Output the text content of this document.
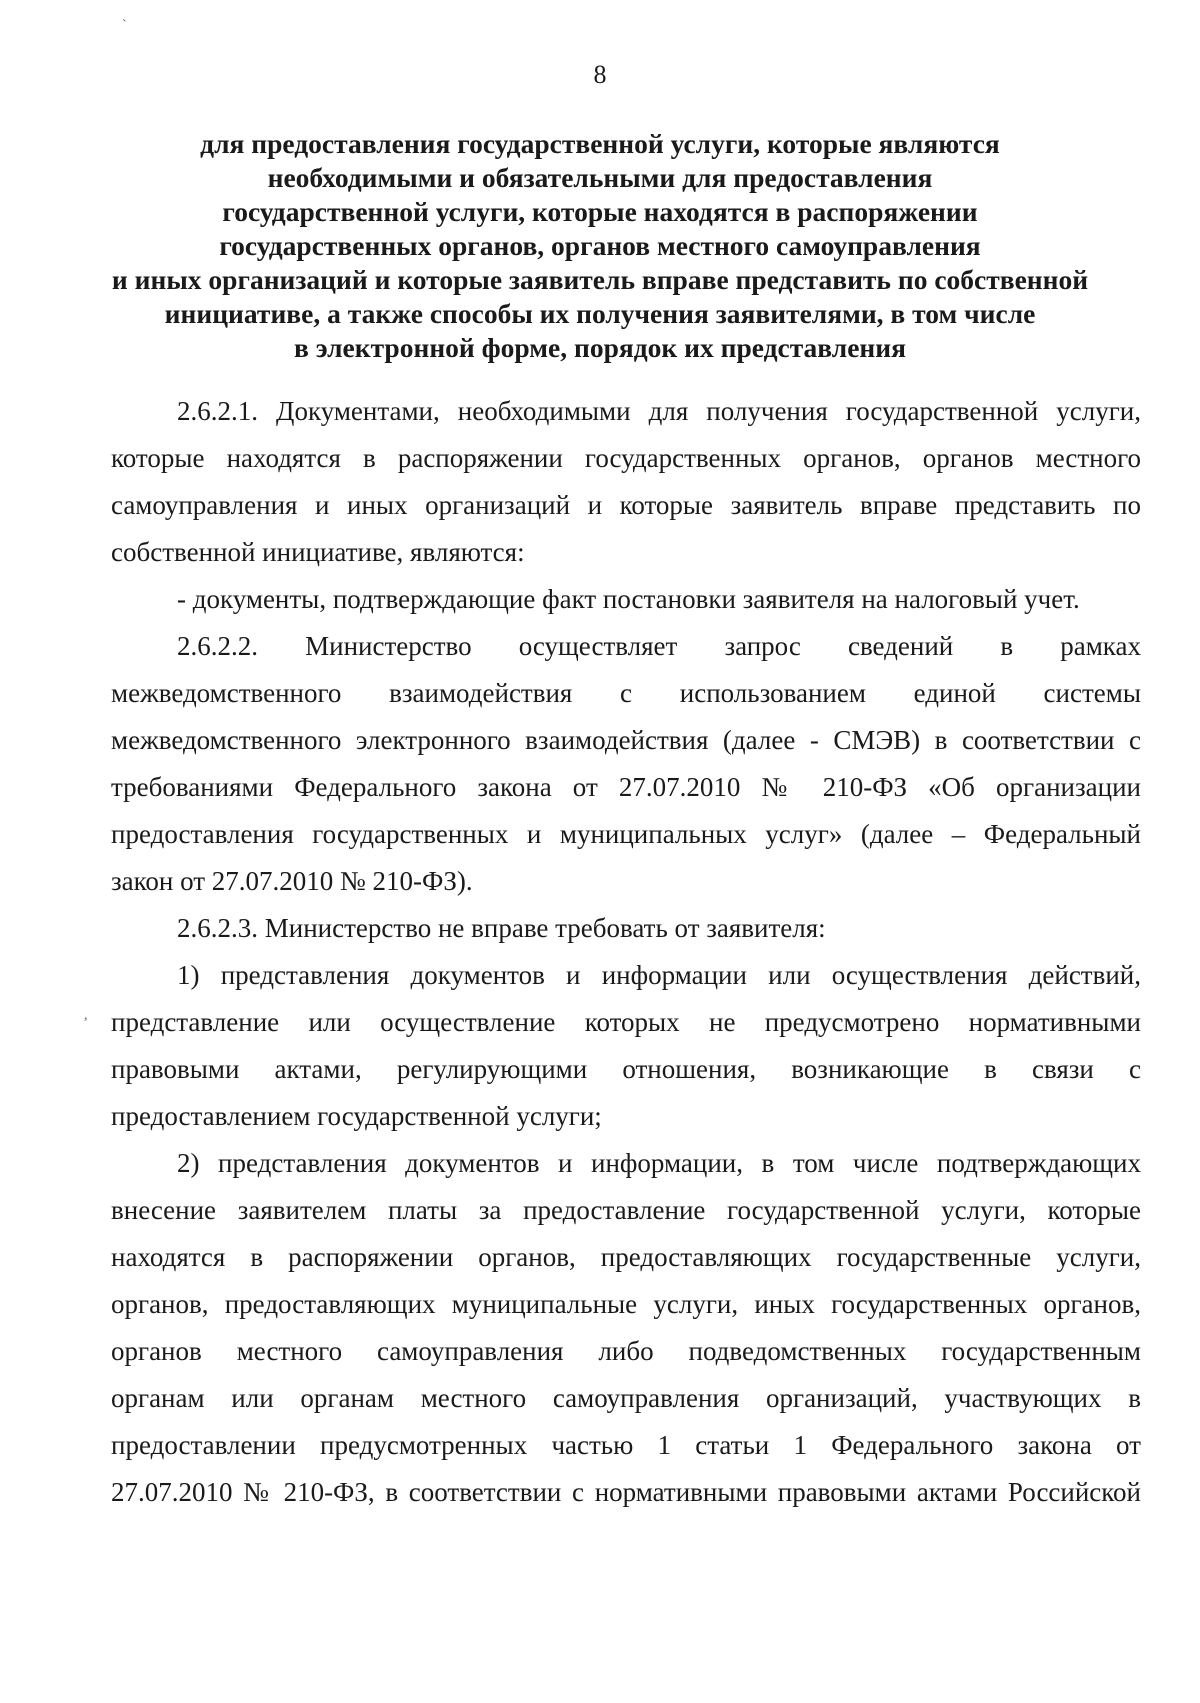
8
для предоставления государственной услуги, которые являются
необходимыми и обязательными для предоставления
государственной услуги, которые находятся в распоряжении
государственных органов, органов местного самоуправления
и иных организаций и которые заявитель вправе представить по собственной
инициативе, а также способы их получения заявителями, в том числе
в электронной форме, порядок их представления
2.6.2.1. Документами, необходимыми для получения государственной услуги,
которые находятся в распоряжении государственных органов, органов местного
самоуправления и иных организаций и которые заявитель вправе представить по
собственной инициативе, являются:
- документы, подтверждающие факт постановки заявителя на налоговый учет.
2.6.2.2. Министерство осуществляет запрос сведений в рамках
межведомственного взаимодействия с использованием единой системы
межведомственного электронного взаимодействия (далее - СМЭВ) в соответствии с
требованиями Федерального закона от 27.07.2010 № 210-ФЗ «Об организации
предоставления государственных и муниципальных услуг» (далее – Федеральный
закон от 27.07.2010 № 210-ФЗ).
2.6.2.3. Министерство не вправе требовать от заявителя:
1) представления документов и информации или осуществления действий,
представление или осуществление которых не предусмотрено нормативными
правовыми актами, регулирующими отношения, возникающие в связи с
предоставлением государственной услуги;
2) представления документов и информации, в том числе подтверждающих
внесение заявителем платы за предоставление государственной услуги, которые
находятся в распоряжении органов, предоставляющих государственные услуги,
органов, предоставляющих муниципальные услуги, иных государственных органов,
органов местного самоуправления либо подведомственных государственным
органам или органам местного самоуправления организаций, участвующих в
предоставлении предусмотренных частью 1 статьи 1 Федерального закона от
27.07.2010 № 210-ФЗ, в соответствии с нормативными правовыми актами Российской
`
,
